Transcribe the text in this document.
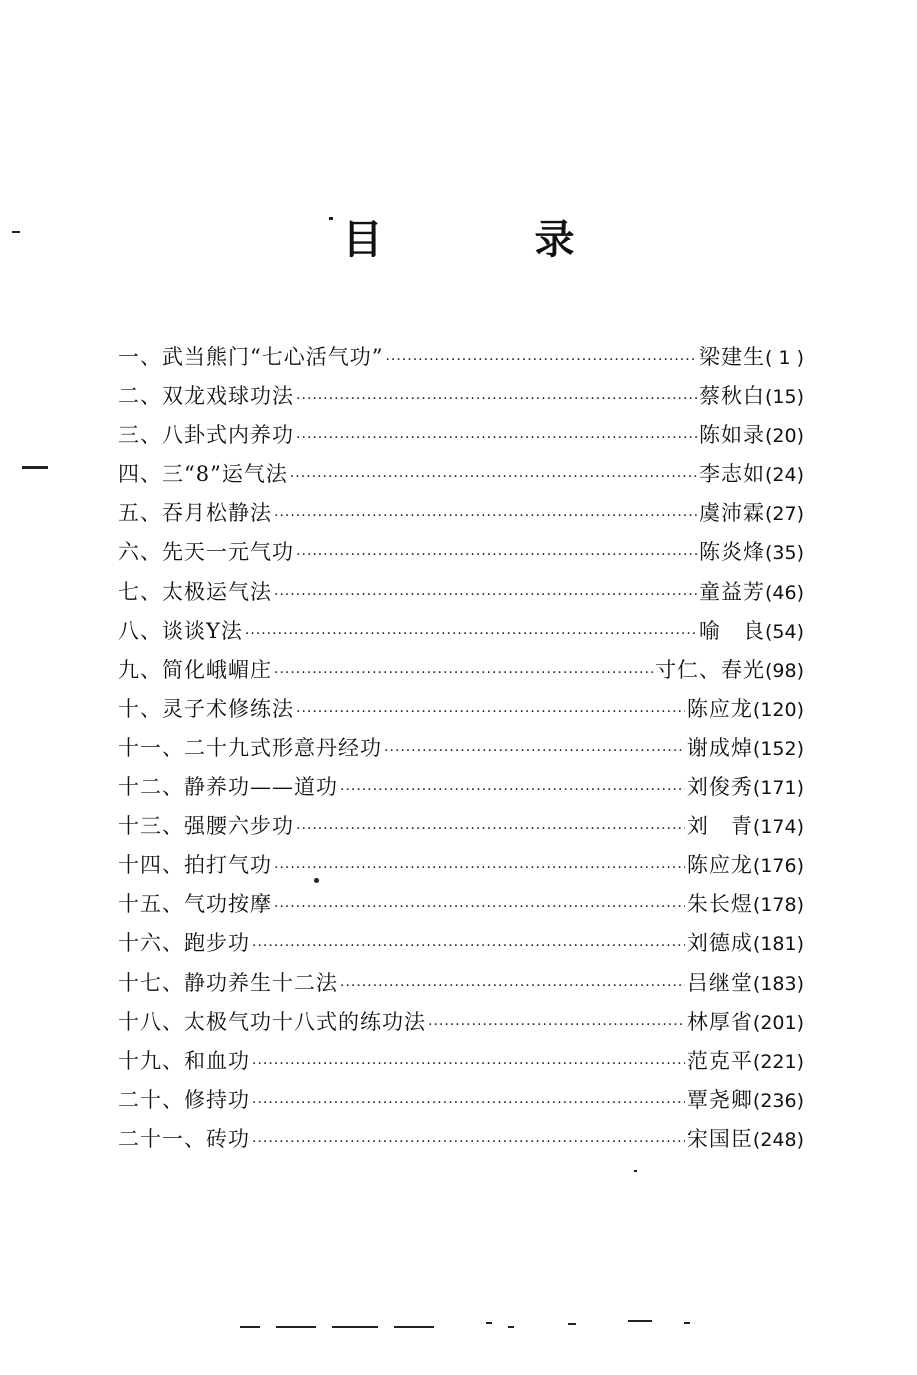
目　录
一、武当熊门“七心活气功” ·····	梁建生 ( 1 )
二、双龙戏球功法 ·····	蔡秋白 (15)
三、八卦式内养功 ·····	陈如录 (20)
四、三“8”运气法 ·····	李志如 (24)
五、吞月松静法 ·····	虞沛霖 (27)
六、先天一元气功 ·····	陈炎烽 (35)
七、太极运气法 ·····	童益芳 (46)
八、谈谈Y法 ·····	喻　良 (54)
九、简化峨嵋庄 ·····	寸仁、春光 (98)
十、灵子术修练法 ·····	陈应龙 (120)
十一、二十九式形意丹经功 ·····	谢成焯 (152)
十二、静养功——道功 ·····	刘俊秀 (171)
十三、强腰六步功 ·····	刘　青 (174)
十四、拍打气功 ·····	陈应龙 (176)
十五、气功按摩 ·····	朱长煜 (178)
十六、跑步功 ·····	刘德成 (181)
十七、静功养生十二法 ·····	吕继堂 (183)
十八、太极气功十八式的练功法 ·····	林厚省 (201)
十九、和血功 ·····	范克平 (221)
二十、修持功 ·····	覃尧卿 (236)
二十一、砖功 ·····	宋国臣 (248)
